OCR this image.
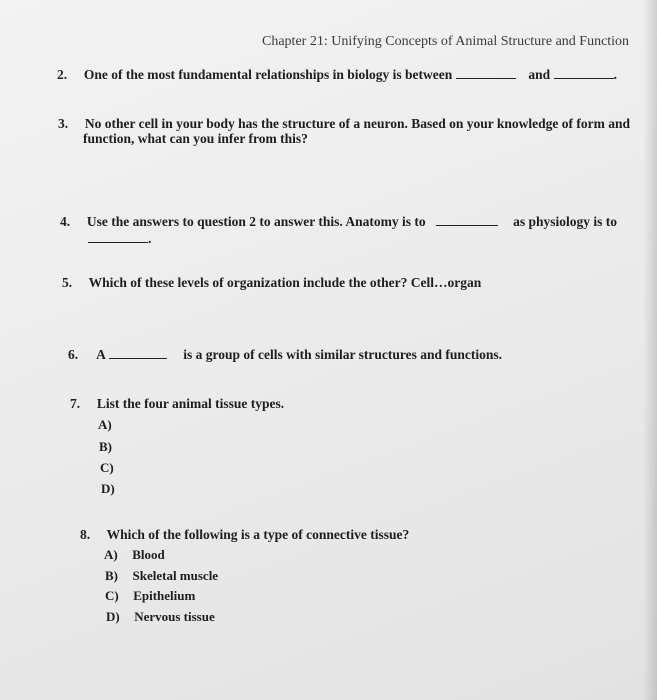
Chapter 21: Unifying Concepts of Animal Structure and Function
2. One of the most fundamental relationships in biology is between	and	.
3. No other cell in your body has the structure of a neuron. Based on your knowledge of form and
function, what can you infer from this?
4. Use the answers to question 2 to answer this. Anatomy is to	as physiology is to
.
5. Which of these levels of organization include the other? Cell…organ
6. A	is a group of cells with similar structures and functions.
7. List the four animal tissue types.
A)
B)
C)
D)
8. Which of the following is a type of connective tissue?
A) Blood
B) Skeletal muscle
C) Epithelium
D) Nervous tissue
